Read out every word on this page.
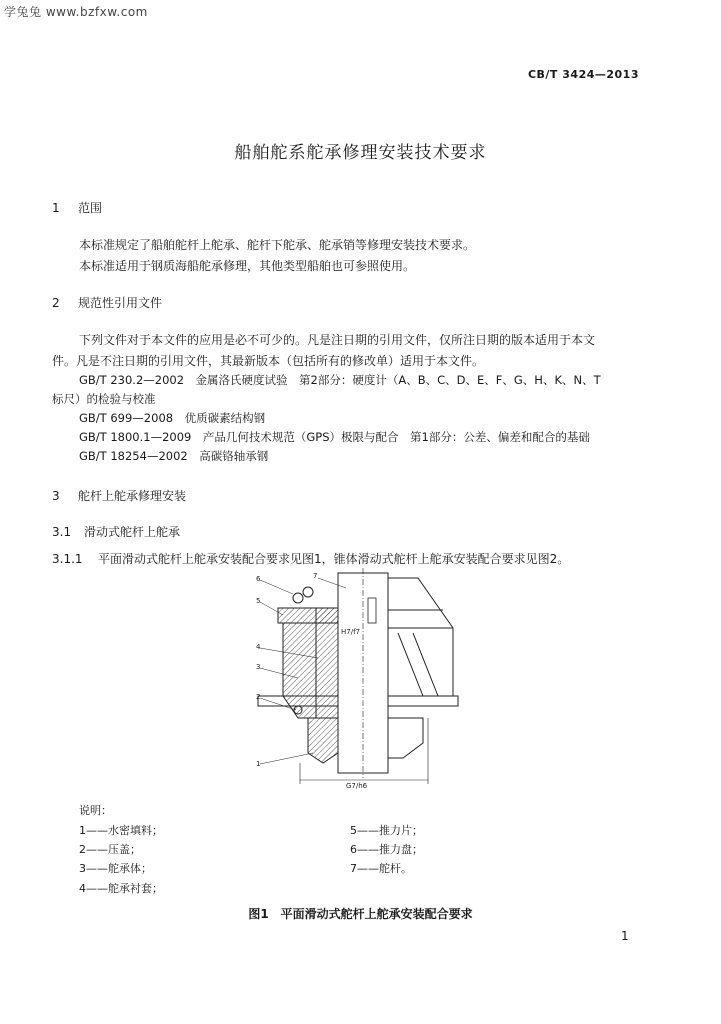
学兔兔 www.bzfxw.com
CB/T 3424—2013
船舶舵系舵承修理安装技术要求
1 范围
本标准规定了船舶舵杆上舵承、舵杆下舵承、舵承销等修理安装技术要求。
本标准适用于钢质海船舵承修理，其他类型船舶也可参照使用。
2 规范性引用文件
下列文件对于本文件的应用是必不可少的。凡是注日期的引用文件，仅所注日期的版本适用于本文
件。凡是不注日期的引用文件，其最新版本（包括所有的修改单）适用于本文件。
GB/T 230.2—2002　金属洛氏硬度试验　第2部分：硬度计（A、B、C、D、E、F、G、H、K、N、T
标尺）的检验与校准
GB/T 699—2008　优质碳素结构钢
GB/T 1800.1—2009　产品几何技术规范（GPS）极限与配合　第1部分：公差、偏差和配合的基础
GB/T 18254—2002　高碳铬轴承钢
3 舵杆上舵承修理安装
3.1 滑动式舵杆上舵承
3.1.1 平面滑动式舵杆上舵承安装配合要求见图1，锥体滑动式舵杆上舵承安装配合要求见图2。
G7/h6
H7/f7
6
5
4
3
2
1
7
说明：
1——水密填料；
2——压盖；
3——舵承体；
4——舵承衬套；
5——推力片；
6——推力盘；
7——舵杆。
图1　平面滑动式舵杆上舵承安装配合要求
1
